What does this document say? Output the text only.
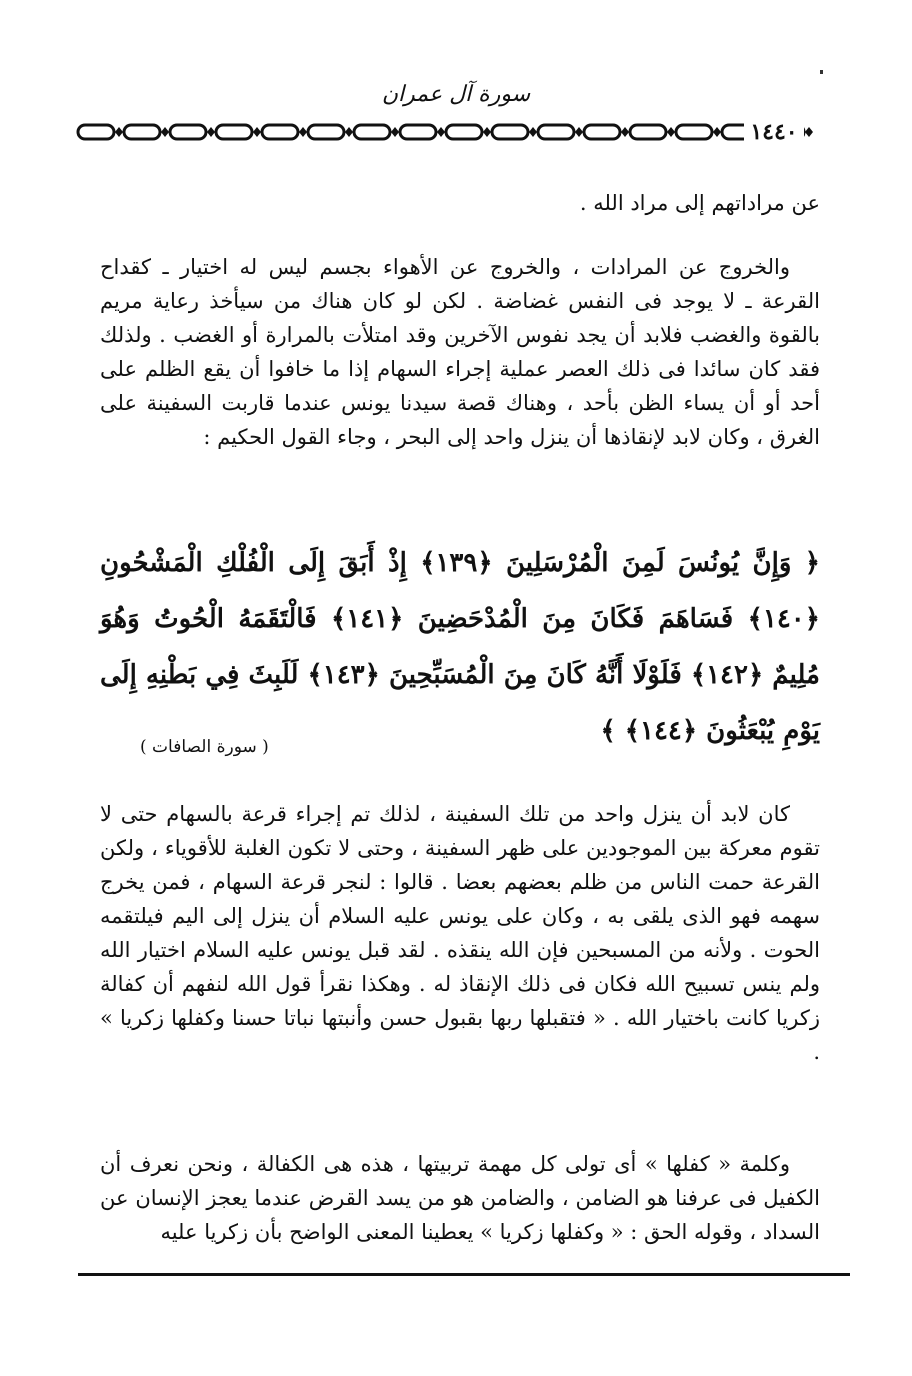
سورة آل عمران
١٤٤٠

عن مراداتهم إلى مراد الله .

والخروج عن المرادات ، والخروج عن الأهواء بجسم ليس له اختيار ـ كقداح القرعة ـ لا يوجد فى النفس غضاضة . لكن لو كان هناك من سيأخذ رعاية مريم بالقوة والغضب فلابد أن يجد نفوس الآخرين وقد امتلأت بالمرارة أو الغضب . ولذلك فقد كان سائدا فى ذلك العصر عملية إجراء السهام إذا ما خافوا أن يقع الظلم على أحد أو أن يساء الظن بأحد ، وهناك قصة سيدنا يونس عندما قاربت السفينة على الغرق ، وكان لابد لإنقاذها أن ينزل واحد إلى البحر ، وجاء القول الحكيم :

﴿ وَإِنَّ يُونُسَ لَمِنَ الْمُرْسَلِينَ ﴿١٣٩﴾ إِذْ أَبَقَ إِلَى الْفُلْكِ الْمَشْحُونِ ﴿١٤٠﴾ فَسَاهَمَ فَكَانَ مِنَ الْمُدْحَضِينَ ﴿١٤١﴾ فَالْتَقَمَهُ الْحُوتُ وَهُوَ مُلِيمٌ ﴿١٤٢﴾ فَلَوْلَا أَنَّهُ كَانَ مِنَ الْمُسَبِّحِينَ ﴿١٤٣﴾ لَلَبِثَ فِي بَطْنِهِ إِلَى يَوْمِ يُبْعَثُونَ ﴿١٤٤﴾ ﴾
( سورة الصافات )

كان لابد أن ينزل واحد من تلك السفينة ، لذلك تم إجراء قرعة بالسهام حتى لا تقوم معركة بين الموجودين على ظهر السفينة ، وحتى لا تكون الغلبة للأقوياء ، ولكن القرعة حمت الناس من ظلم بعضهم بعضا . قالوا : لنجر قرعة السهام ، فمن يخرج سهمه فهو الذى يلقى به ، وكان على يونس عليه السلام أن ينزل إلى اليم فيلتقمه الحوت . ولأنه من المسبحين فإن الله ينقذه . لقد قبل يونس عليه السلام اختيار الله ولم ينس تسبيح الله فكان فى ذلك الإنقاذ له . وهكذا نقرأ قول الله لنفهم أن كفالة زكريا كانت باختيار الله . « فتقبلها ربها بقبول حسن وأنبتها نباتا حسنا وكفلها زكريا » .

وكلمة « كفلها » أى تولى كل مهمة تربيتها ، هذه هى الكفالة ، ونحن نعرف أن الكفيل فى عرفنا هو الضامن ، والضامن هو من يسد القرض عندما يعجز الإنسان عن السداد ، وقوله الحق : « وكفلها زكريا » يعطينا المعنى الواضح بأن زكريا عليه
